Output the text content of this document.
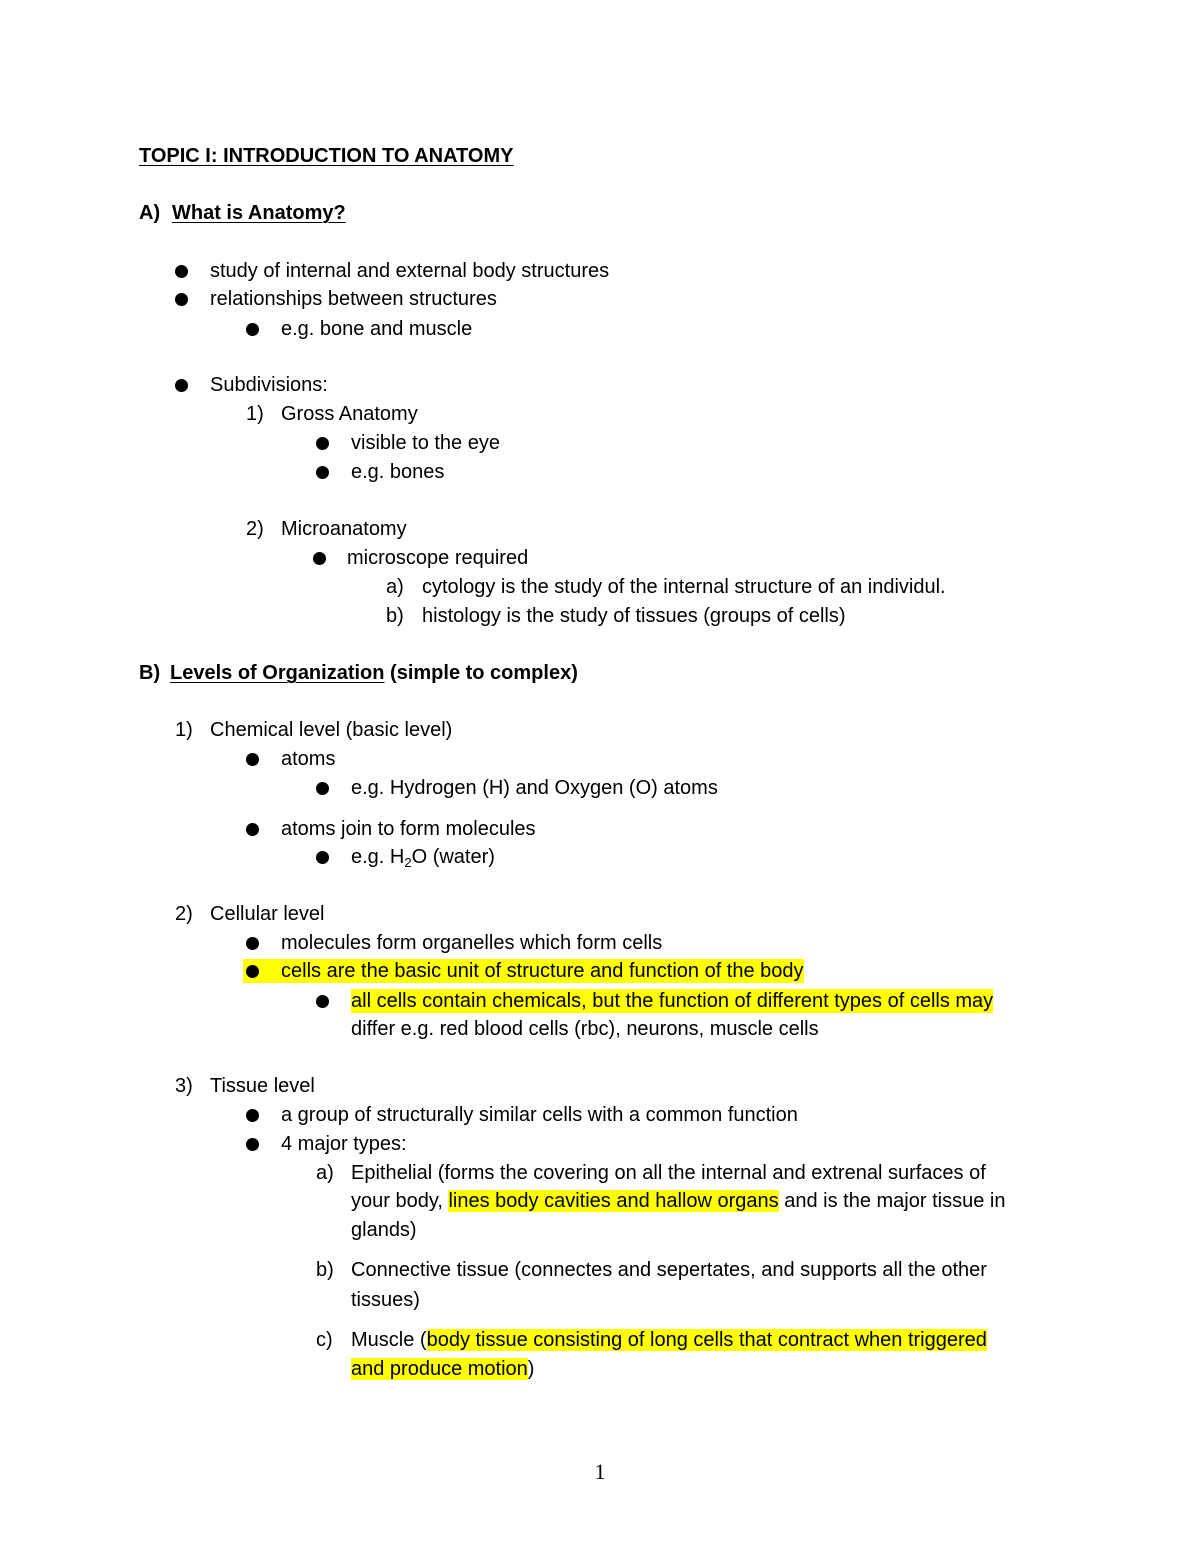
TOPIC I: INTRODUCTION TO ANATOMY
A) What is Anatomy?
study of internal and external body structures
relationships between structures
e.g. bone and muscle
Subdivisions:
1) Gross Anatomy
visible to the eye
e.g. bones
2) Microanatomy
microscope required
a) cytology is the study of the internal structure of an individul.
b) histology is the study of tissues (groups of cells)
B) Levels of Organization (simple to complex)
1) Chemical level (basic level)
atoms
e.g. Hydrogen (H) and Oxygen (O) atoms
atoms join to form molecules
e.g. $H_2O$ (water)
2) Cellular level
molecules form organelles which form cells
cells are the basic unit of structure and function of the body
all cells contain chemicals, but the function of different types of cells may
differ e.g. red blood cells (rbc), neurons, muscle cells
3) Tissue level
a group of structurally similar cells with a common function
4 major types:
a) Epithelial (forms the covering on all the internal and extrenal surfaces of
your body, lines body cavities and hallow organs and is the major tissue in
glands)
b) Connective tissue (connectes and sepertates, and supports all the other
tissues)
c) Muscle (body tissue consisting of long cells that contract when triggered
and produce motion)
1
